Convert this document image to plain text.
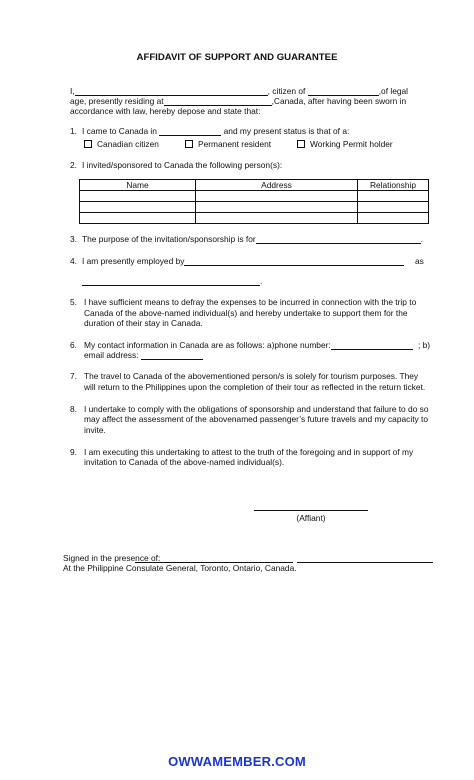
AFFIDAVIT OF SUPPORT AND GUARANTEE
I,	, citizen of	,of legal
age, presently residing at	,Canada, after having been sworn in
accordance with law, hereby depose and state that:
1. I came to Canada in	and my present status is that of a:
Canadian citizen	Permanent resident	Working Permit holder
2. I invited/sponsored to Canada the following person(s):
Name	Address	Relationship

3. The purpose of the invitation/sponsorship is for	.
4. I am presently employed by	as
.
5. I have sufficient means to defray the expenses to be incurred in connection with the trip to
Canada of the above-named individual(s) and hereby undertake to support them for the
duration of their stay in Canada.
6. My contact information in Canada are as follows: a)phone number:	; b)
email address:
7. The travel to Canada of the abovementioned person/s is solely for tourism purposes. They
will return to the Philippines upon the completion of their tour as reflected in the return ticket.
8. I undertake to comply with the obligations of sponsorship and understand that failure to do so
may affect the assessment of the abovenamed passenger’s future travels and my capacity to
invite.
9. I am executing this undertaking to attest to the truth of the foregoing and in support of my
invitation to Canada of the above-named individual(s).
(Affiant)
Signed in the presence of:
At the Philippine Consulate General, Toronto, Ontario, Canada.
OWWAMEMBER.COM
